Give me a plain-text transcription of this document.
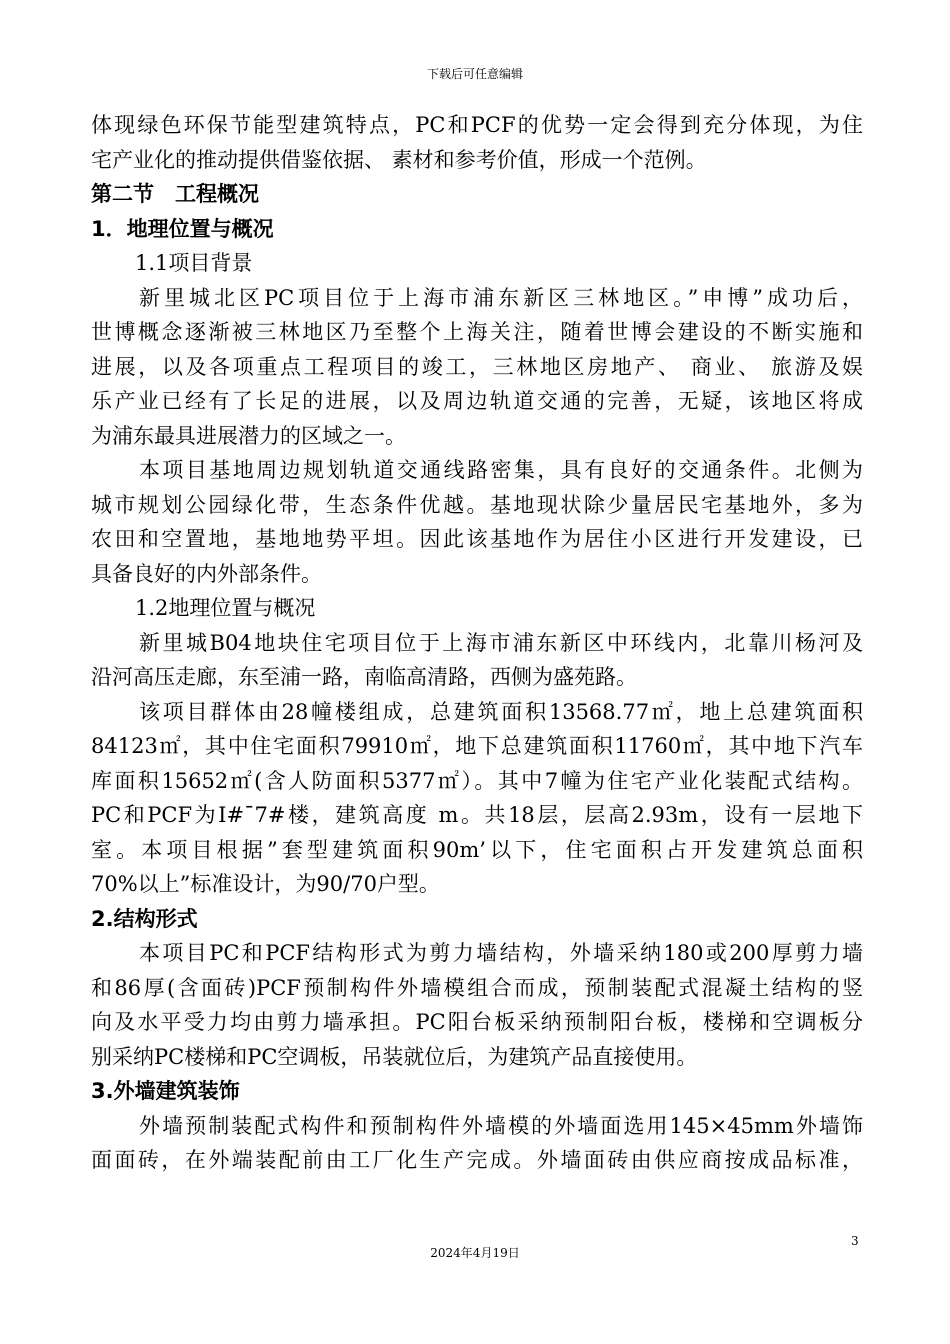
下载后可任意编辑
体现绿色环保节能型建筑特点，PC和PCF的优势一定会得到充分体现，为住
宅产业化的推动提供借鉴依据、 素材和参考价值，形成一个范例。
第二节　工程概况
1．地理位置与概况
1.1项目背景
新里城北区PC项目位于上海市浦东新区三林地区。”申博”成功后，
世博概念逐渐被三林地区乃至整个上海关注，随着世博会建设的不断实施和
进展，以及各项重点工程项目的竣工，三林地区房地产、 商业、 旅游及娱
乐产业已经有了长足的进展，以及周边轨道交通的完善，无疑，该地区将成
为浦东最具进展潜力的区域之一。
本项目基地周边规划轨道交通线路密集，具有良好的交通条件。北侧为
城市规划公园绿化带，生态条件优越。基地现状除少量居民宅基地外，多为
农田和空置地，基地地势平坦。因此该基地作为居住小区进行开发建设，已
具备良好的内外部条件。
1.2地理位置与概况
新里城B04地块住宅项目位于上海市浦东新区中环线内，北靠川杨河及
沿河高压走廊，东至浦一路，南临高清路，西侧为盛苑路。
该项目群体由28幢楼组成，总建筑面积13568.77㎡，地上总建筑面积
84123㎡，其中住宅面积79910㎡，地下总建筑面积11760㎡，其中地下汽车
库面积15652㎡(含人防面积5377㎡）。其中7幢为住宅产业化装配式结构。
PC和PCF为I#ˉ7#楼，建筑高度 m。共18层，层高2.93m，设有一层地下
室。本项目根据”套型建筑面积90m’以下，住宅面积占开发建筑总面积
70%以上”标准设计，为90/70户型。
2.结构形式
本项目PC和PCF结构形式为剪力墙结构，外墙采纳180或200厚剪力墙
和86厚(含面砖)PCF预制构件外墙模组合而成，预制装配式混凝土结构的竖
向及水平受力均由剪力墙承担。PC阳台板采纳预制阳台板，楼梯和空调板分
别采纳PC楼梯和PC空调板，吊装就位后，为建筑产品直接使用。
3.外墙建筑装饰
外墙预制装配式构件和预制构件外墙模的外墙面选用145×45mm外墙饰
面面砖，在外端装配前由工厂化生产完成。外墙面砖由供应商按成品标准，
3
2024年4月19日
